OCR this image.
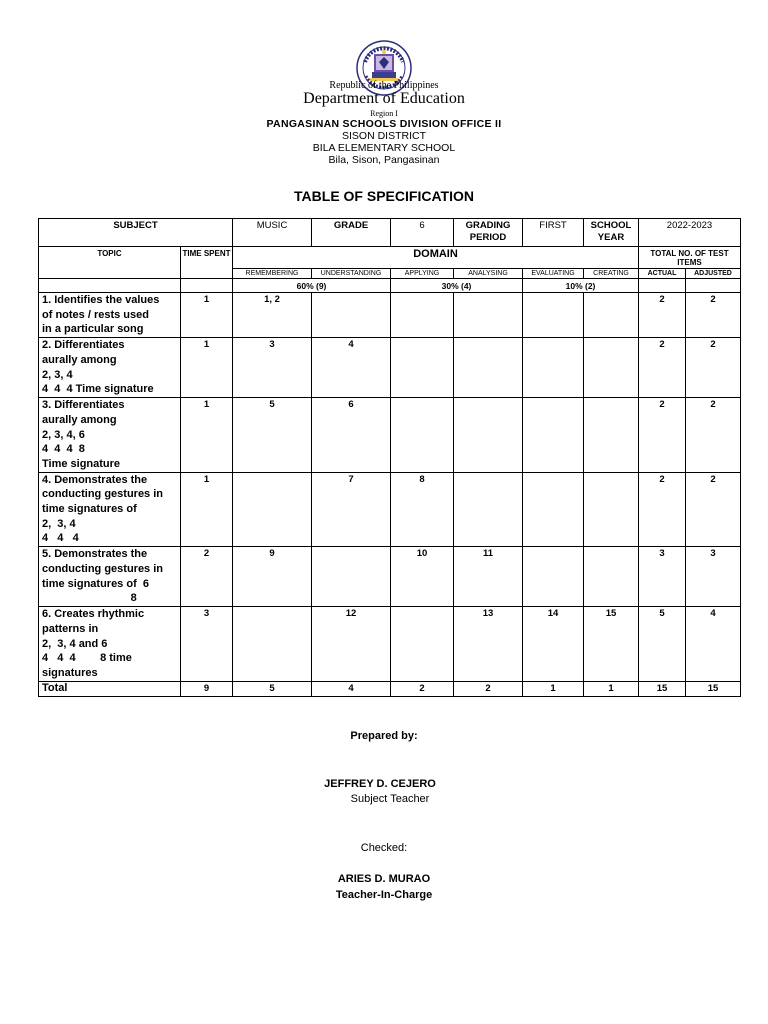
Republic of the Philippines
Department of Education
Region I
PANGASINAN SCHOOLS DIVISION OFFICE II
SISON DISTRICT
BILA ELEMENTARY SCHOOL
Bila, Sison, Pangasinan
TABLE OF SPECIFICATION
SUBJECT		MUSIC	GRADE	6	GRADING PERIOD	FIRST	SCHOOL YEAR	2022-2023	
TOPIC	TIME SPENT	DOMAIN						TOTAL NO. OF TEST ITEMS	
		REMEMBERING	UNDERSTANDING	APPLYING	ANALYSING	EVALUATING	CREATING	ACTUAL	ADJUSTED
		60% (9)		30% (4)		10% (2)			

1. Identifies the values
of notes / rests used
in a particular song	1	1, 2						2	2

2. Differentiates
aurally among
2, 3, 4
4  4  4 Time signature	1	3	4					2	2

3. Differentiates
aurally among
2, 3, 4, 6
4  4  4  8
Time signature	1	5	6					2	2

4. Demonstrates the
conducting gestures in
time signatures of
2,  3, 4
4   4   4	1		7	8				2	2

5. Demonstrates the
conducting gestures in
time signatures of  6
8	2	9		10	11			3	3

6. Creates rhythmic
patterns in
2,  3, 4 and 6
4   4  4        8 time
signatures	3		12		13	14	15	5	4
Total	9	5	4	2	2	1	1	15	15
Prepared by:
JEFFREY D. CEJERO
Subject Teacher
Checked:
ARIES D. MURAO
Teacher-In-Charge
